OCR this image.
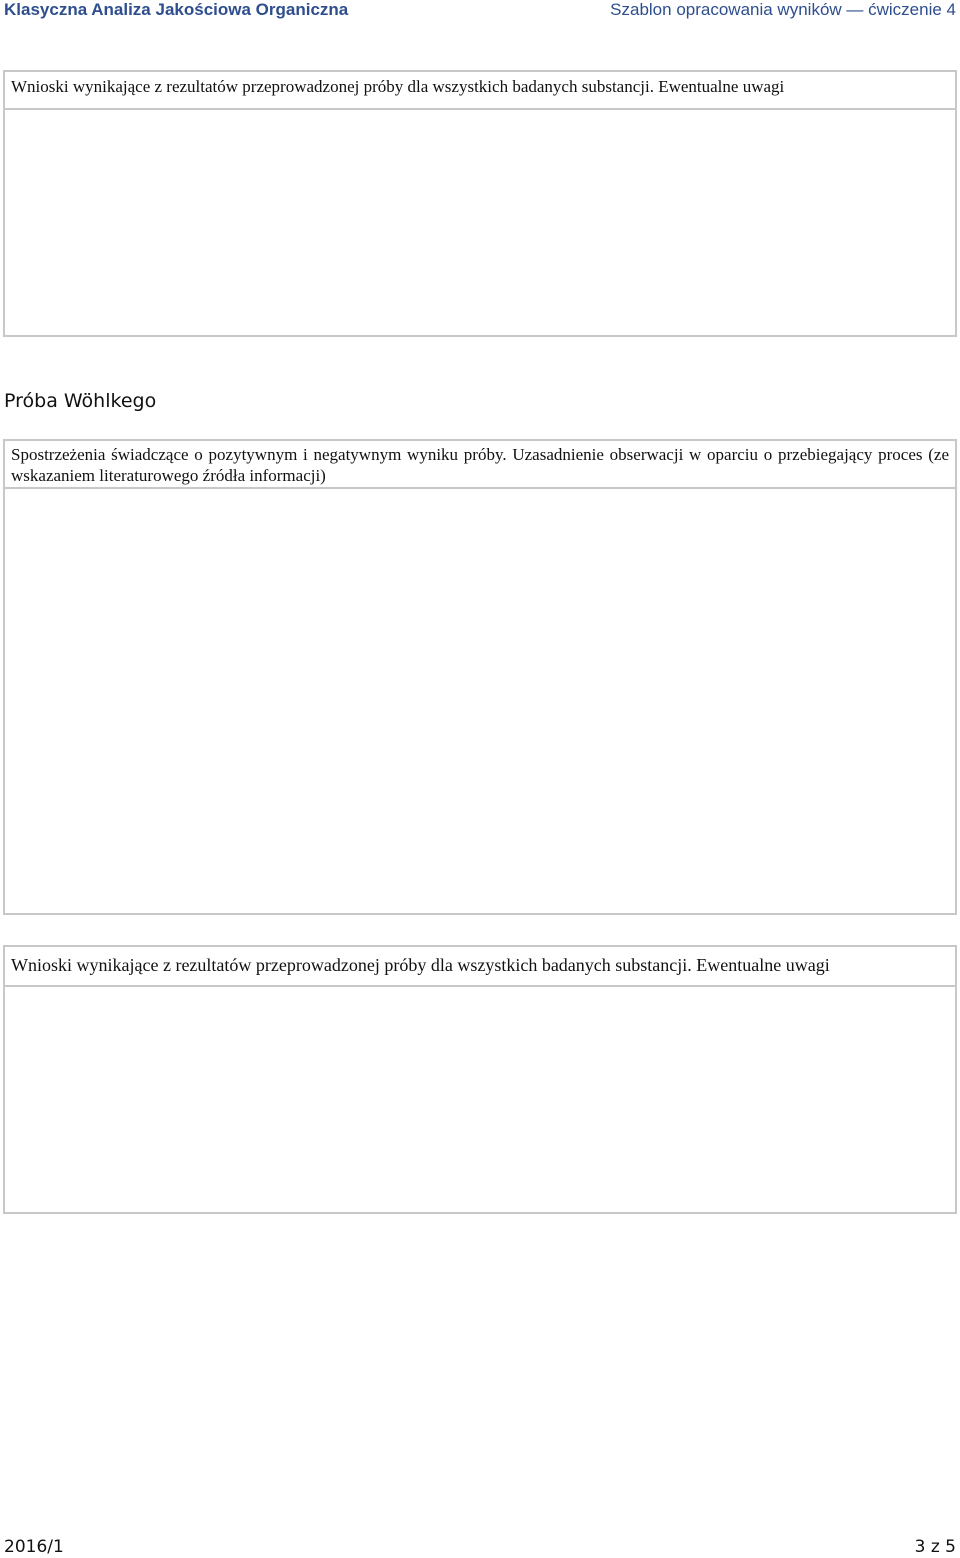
Klasyczna Analiza Jakościowa Organiczna	Szablon opracowania wyników — ćwiczenie 4
Wnioski wynikające z rezultatów przeprowadzonej próby dla wszystkich badanych substancji. Ewentualne uwagi
Próba Wöhlkego
Spostrzeżenia świadczące o pozytywnym i negatywnym wyniku próby. Uzasadnienie obserwacji w oparciu o przebiegający proces (ze wskazaniem literaturowego źródła informacji)
Wnioski wynikające z rezultatów przeprowadzonej próby dla wszystkich badanych substancji. Ewentualne uwagi
2016/1	3 z 5
